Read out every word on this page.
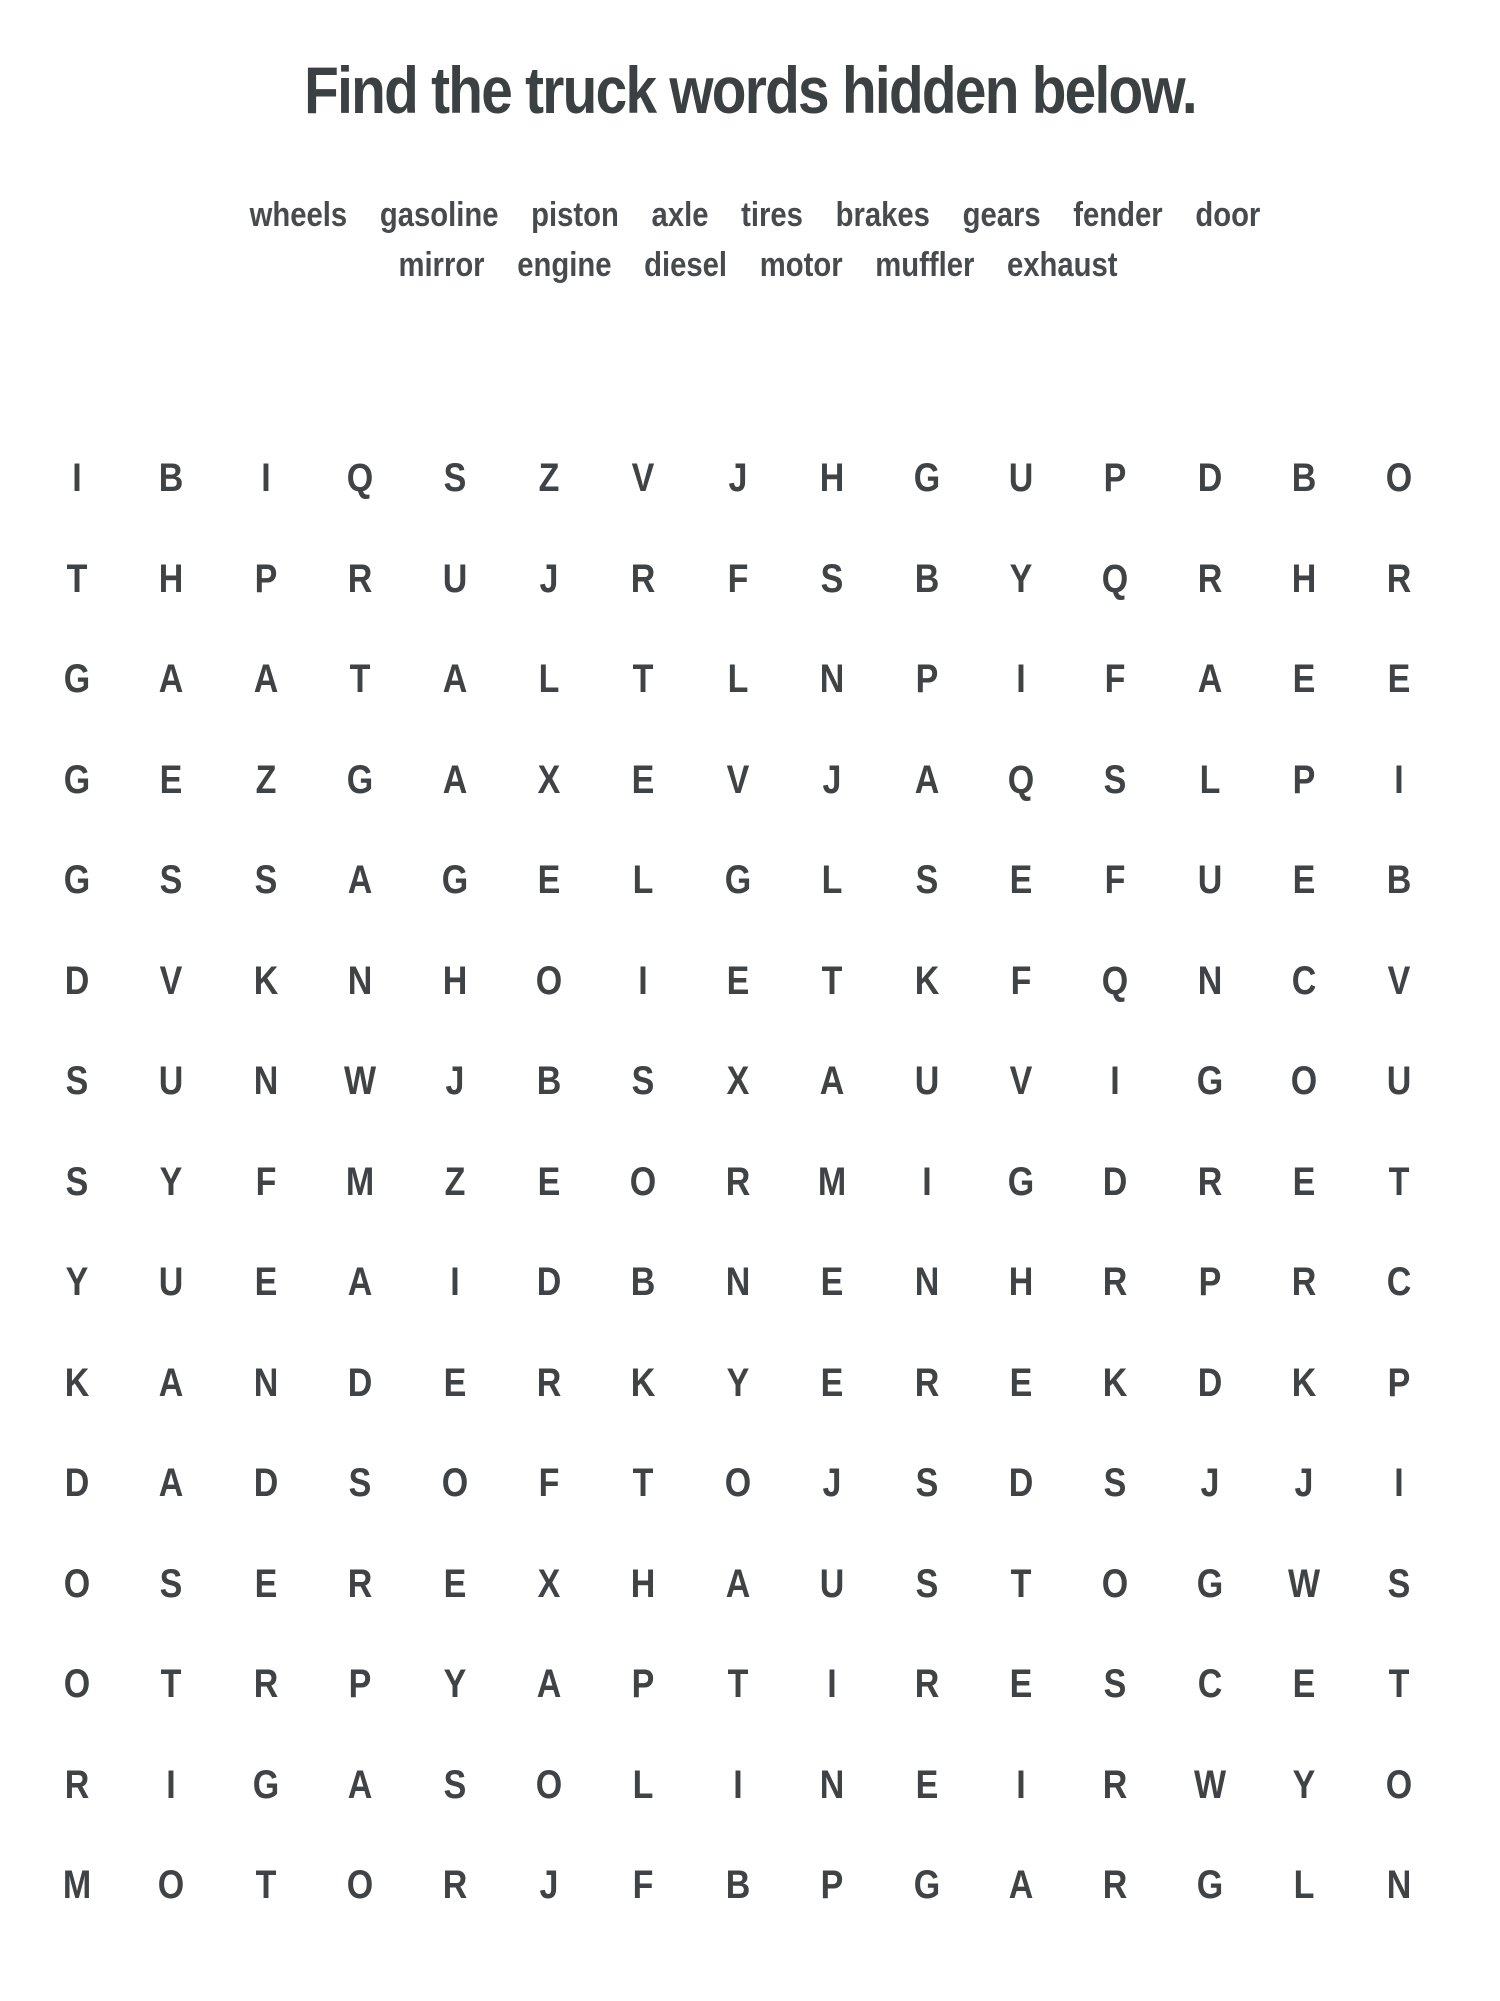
Find the truck words hidden below.
wheels gasoline piston axle tires brakes gears fender door
mirror engine diesel motor muffler exhaust
I	B	I	Q	S	Z	V	J	H	G	U	P	D	B	O
T	H	P	R	U	J	R	F	S	B	Y	Q	R	H	R
G	A	A	T	A	L	T	L	N	P	I	F	A	E	E
G	E	Z	G	A	X	E	V	J	A	Q	S	L	P	I
G	S	S	A	G	E	L	G	L	S	E	F	U	E	B
D	V	K	N	H	O	I	E	T	K	F	Q	N	C	V
S	U	N	W	J	B	S	X	A	U	V	I	G	O	U
S	Y	F	M	Z	E	O	R	M	I	G	D	R	E	T
Y	U	E	A	I	D	B	N	E	N	H	R	P	R	C
K	A	N	D	E	R	K	Y	E	R	E	K	D	K	P
D	A	D	S	O	F	T	O	J	S	D	S	J	J	I
O	S	E	R	E	X	H	A	U	S	T	O	G	W	S
O	T	R	P	Y	A	P	T	I	R	E	S	C	E	T
R	I	G	A	S	O	L	I	N	E	I	R	W	Y	O
M	O	T	O	R	J	F	B	P	G	A	R	G	L	N
